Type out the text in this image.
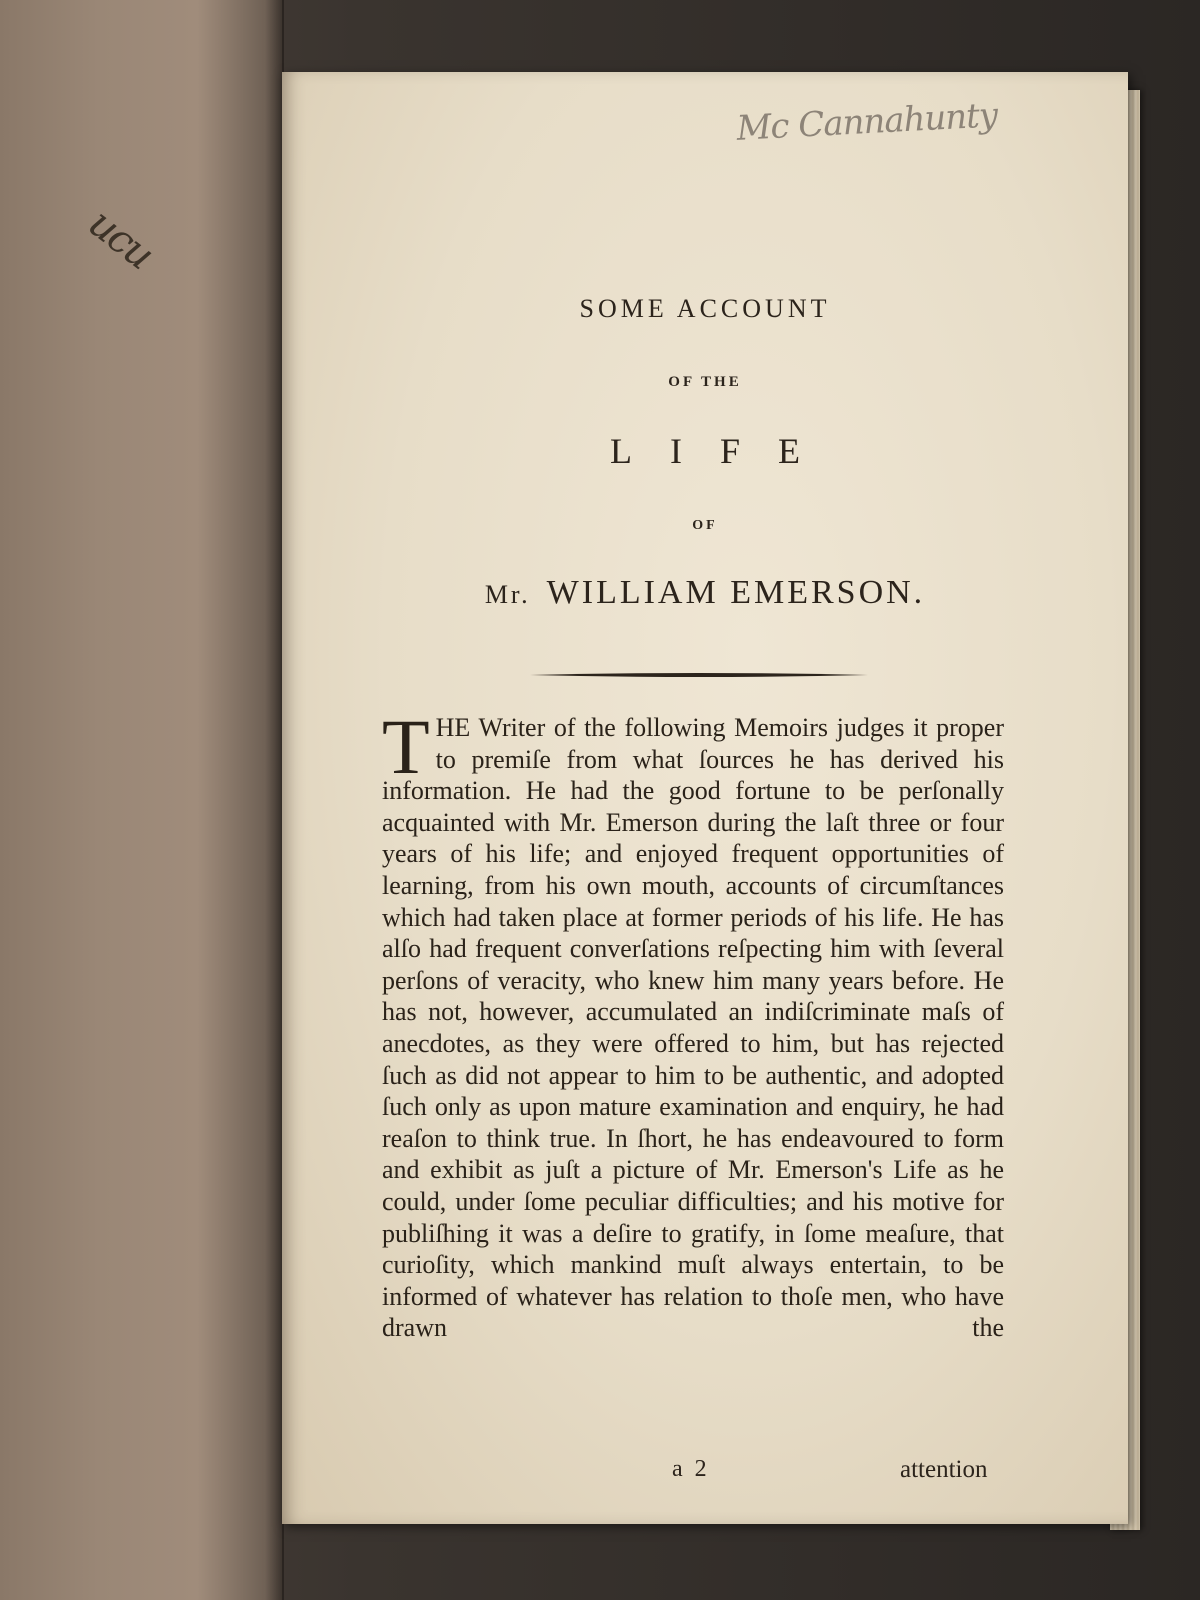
ucu
Mc Cannahunty
SOME ACCOUNT
OF THE
LIFE
OF
Mr. WILLIAM EMERSON.
THE Writer of the following Memoirs judges it proper to premiſe from what ſources he has derived his information. He had the good fortune to be perſonally acquainted with Mr. Emerson during the laſt three or four years of his life; and enjoyed frequent opportunities of learning, from his own mouth, accounts of circumſtances which had taken place at former periods of his life. He has alſo had frequent converſations reſpecting him with ſeveral perſons of veracity, who knew him many years before. He has not, however, accumulated an indiſcriminate maſs of anecdotes, as they were offered to him, but has rejected ſuch as did not appear to him to be authentic, and adopted ſuch only as upon mature examination and enquiry, he had reaſon to think true. In ſhort, he has endeavoured to form and exhibit as juſt a picture of Mr. Emerson's Life as he could, under ſome peculiar difficulties; and his motive for publiſhing it was a deſire to gratify, in ſome meaſure, that curioſity, which mankind muſt always entertain, to be informed of whatever has relation to thoſe men, who have drawn the
a 2	attention
